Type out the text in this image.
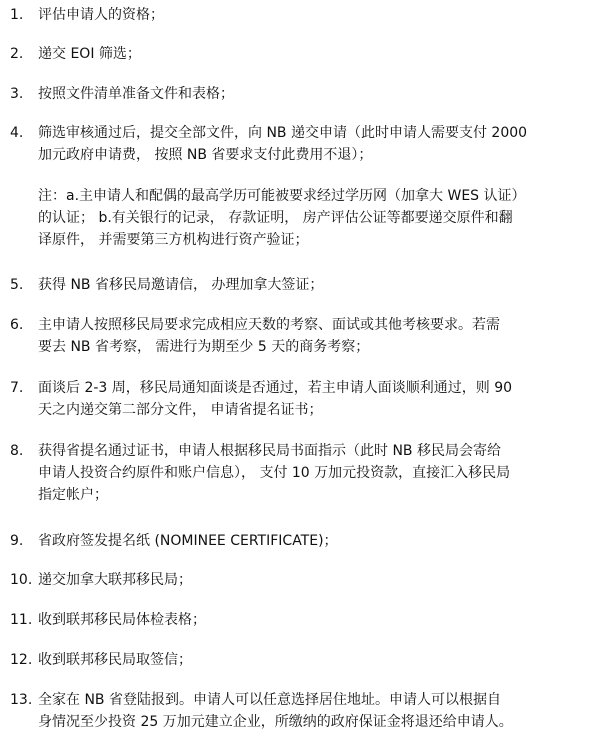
1.	评估申请人的资格；
2.	递交 EOI 筛选；
3.	按照文件清单准备文件和表格；
4.	筛选审核通过后，提交全部文件，向 NB 递交申请（此时申请人需要支付 2000
加元政府申请费， 按照 NB 省要求支付此费用不退）；
注：a.主申请人和配偶的最高学历可能被要求经过学历网（加拿大 WES 认证）
的认证； b.有关银行的记录， 存款证明， 房产评估公证等都要递交原件和翻
译原件， 并需要第三方机构进行资产验证；
5.	获得 NB 省移民局邀请信， 办理加拿大签证；
6.	主申请人按照移民局要求完成相应天数的考察、面试或其他考核要求。若需
要去 NB 省考察， 需进行为期至少 5 天的商务考察；
7.	面谈后 2-3 周，移民局通知面谈是否通过，若主申请人面谈顺利通过，则 90
天之内递交第二部分文件， 申请省提名证书；
8.	获得省提名通过证书，申请人根据移民局书面指示（此时 NB 移民局会寄给
申请人投资合约原件和账户信息）， 支付 10 万加元投资款，直接汇入移民局
指定帐户；
9.	省政府签发提名纸 (NOMINEE CERTIFICATE)；
10. 递交加拿大联邦移民局；
11. 收到联邦移民局体检表格；
12. 收到联邦移民局取签信；
13. 全家在 NB 省登陆报到。申请人可以任意选择居住地址。申请人可以根据自
身情况至少投资 25 万加元建立企业，所缴纳的政府保证金将退还给申请人。
